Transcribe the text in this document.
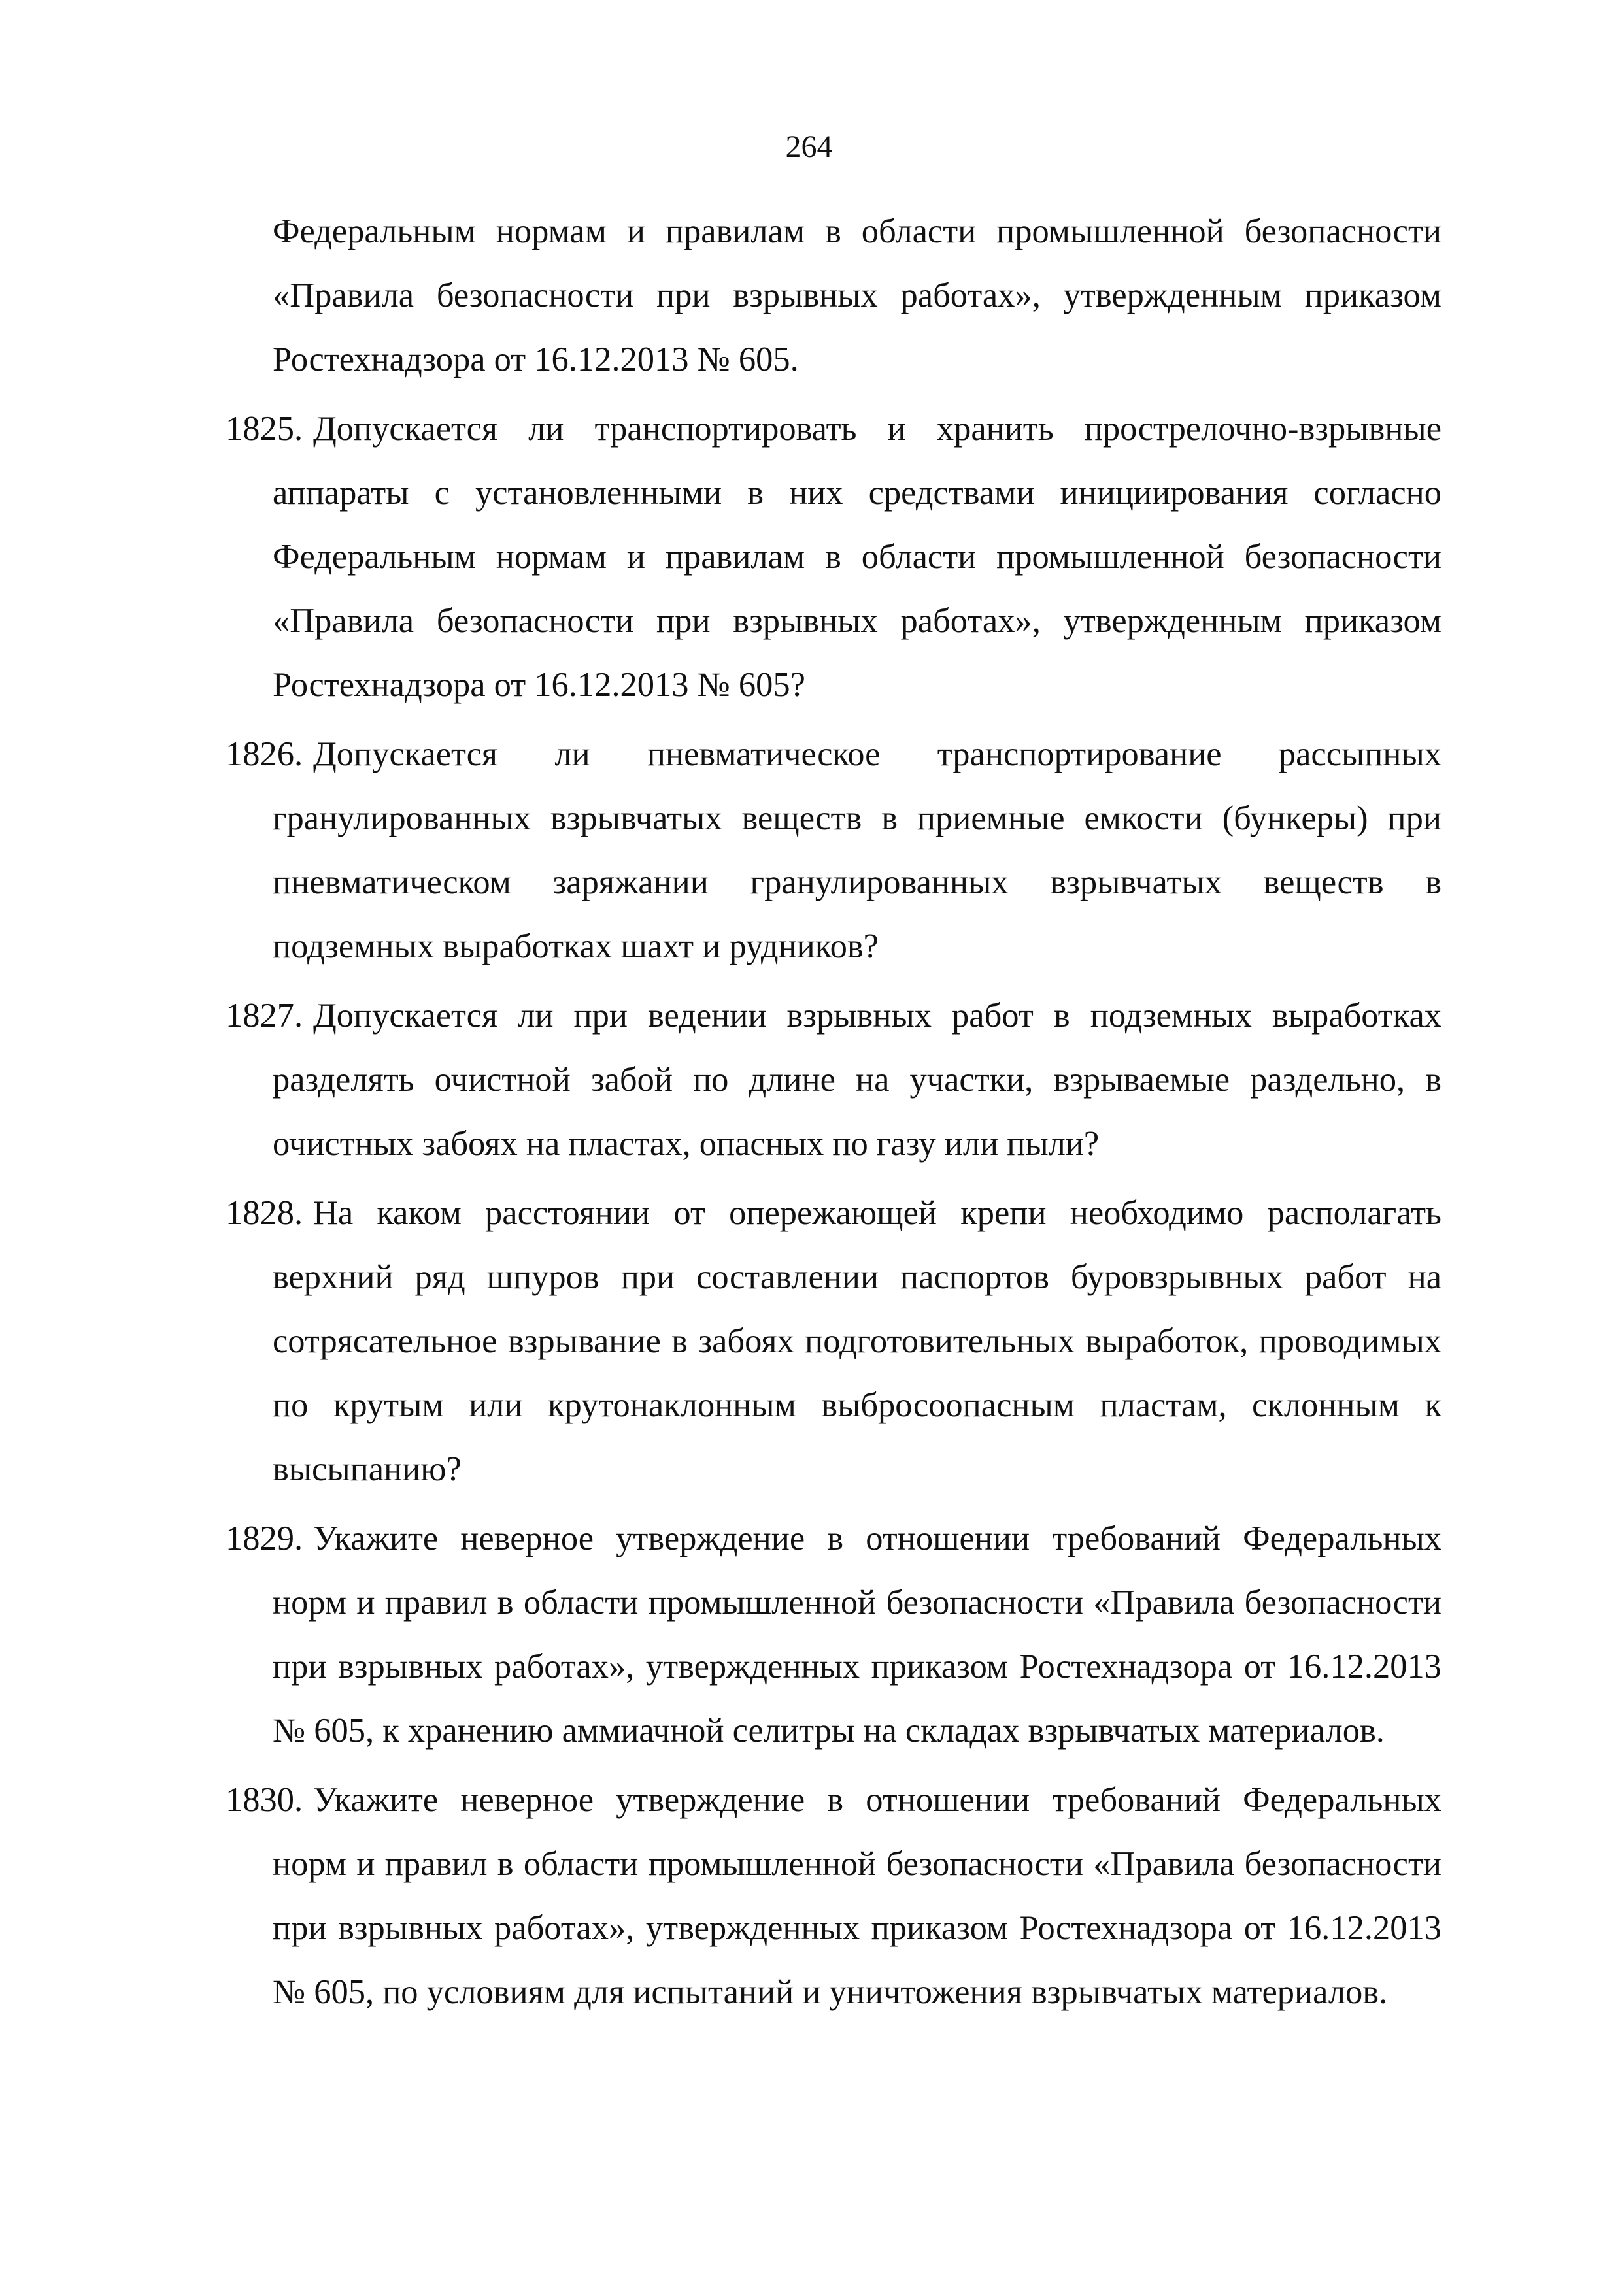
264
Федеральным нормам и правилам в области промышленной безопасности «Правила безопасности при взрывных работах», утвержденным приказом Ростехнадзора от 16.12.2013 № 605.
1825. Допускается ли транспортировать и хранить прострелочно-взрывные аппараты с установленными в них средствами инициирования согласно Федеральным нормам и правилам в области промышленной безопасности «Правила безопасности при взрывных работах», утвержденным приказом Ростехнадзора от 16.12.2013 № 605?
1826. Допускается ли пневматическое транспортирование рассыпных гранулированных взрывчатых веществ в приемные емкости (бункеры) при пневматическом заряжании гранулированных взрывчатых веществ в подземных выработках шахт и рудников?
1827. Допускается ли при ведении взрывных работ в подземных выработках разделять очистной забой по длине на участки, взрываемые раздельно, в очистных забоях на пластах, опасных по газу или пыли?
1828. На каком расстоянии от опережающей крепи необходимо располагать верхний ряд шпуров при составлении паспортов буровзрывных работ на сотрясательное взрывание в забоях подготовительных выработок, проводимых по крутым или крутонаклонным выбросоопасным пластам, склонным к высыпанию?
1829. Укажите неверное утверждение в отношении требований Федеральных норм и правил в области промышленной безопасности «Правила безопасности при взрывных работах», утвержденных приказом Ростехнадзора от 16.12.2013 № 605, к хранению аммиачной селитры на складах взрывчатых материалов.
1830. Укажите неверное утверждение в отношении требований Федеральных норм и правил в области промышленной безопасности «Правила безопасности при взрывных работах», утвержденных приказом Ростехнадзора от 16.12.2013 № 605, по условиям для испытаний и уничтожения взрывчатых материалов.
